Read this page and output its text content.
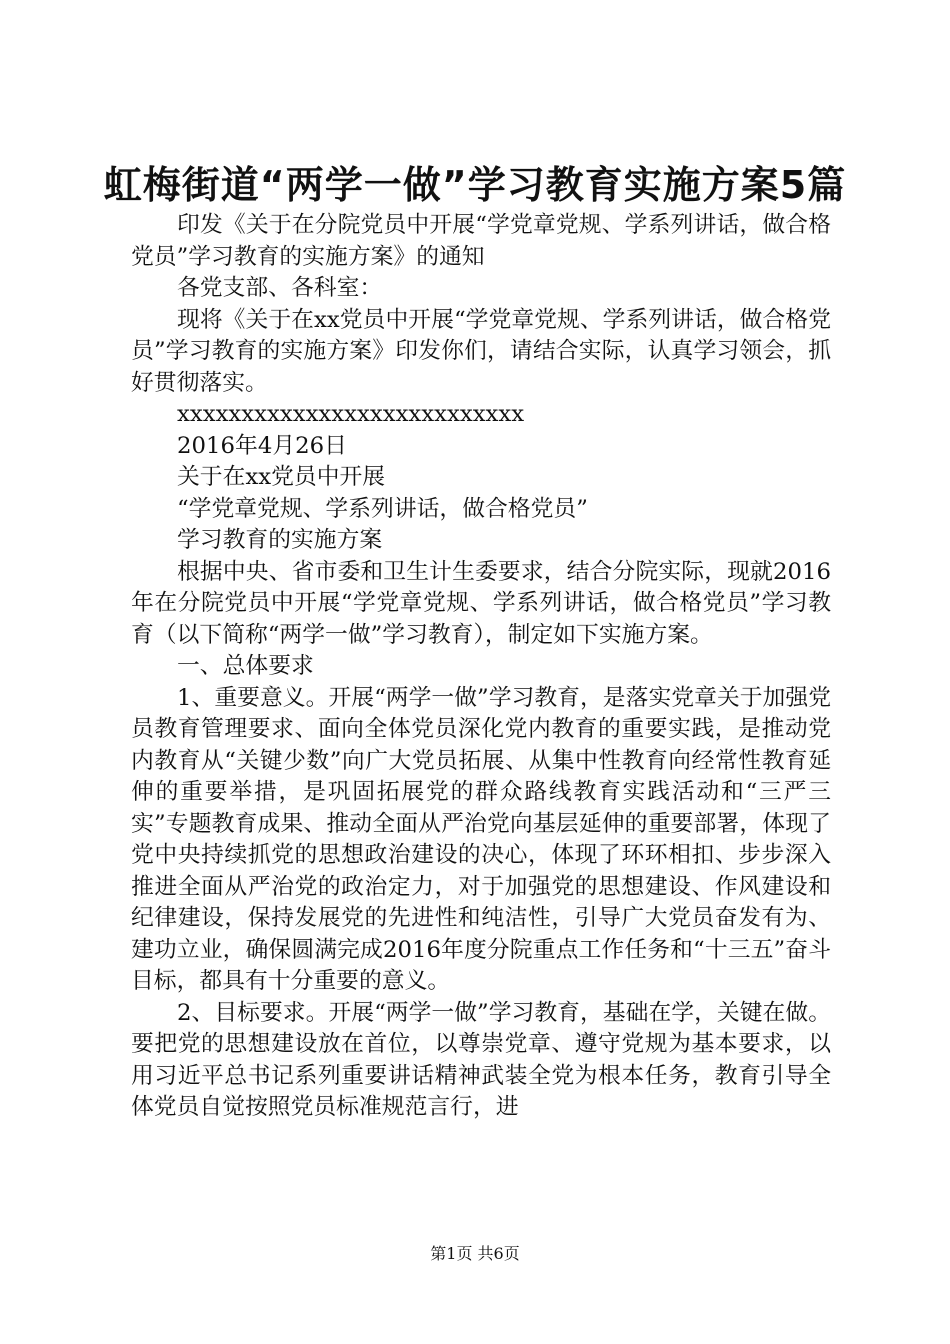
虹梅街道“两学一做”学习教育实施方案5篇

印发《关于在分院党员中开展“学党章党规、学系列讲话，做合格党员”学习教育的实施方案》的通知

各党支部、各科室：

现将《关于在xx党员中开展“学党章党规、学系列讲话，做合格党员”学习教育的实施方案》印发你们，请结合实际，认真学习领会，抓好贯彻落实。

xxxxxxxxxxxxxxxxxxxxxxxxxxx

2016年4月26日

关于在xx党员中开展

“学党章党规、学系列讲话，做合格党员”

学习教育的实施方案

根据中央、省市委和卫生计生委要求，结合分院实际，现就2016年在分院党员中开展“学党章党规、学系列讲话，做合格党员”学习教育（以下简称“两学一做”学习教育），制定如下实施方案。

一、总体要求

1、重要意义。开展“两学一做”学习教育，是落实党章关于加强党员教育管理要求、面向全体党员深化党内教育的重要实践，是推动党内教育从“关键少数”向广大党员拓展、从集中性教育向经常性教育延伸的重要举措，是巩固拓展党的群众路线教育实践活动和“三严三实”专题教育成果、推动全面从严治党向基层延伸的重要部署，体现了党中央持续抓党的思想政治建设的决心，体现了环环相扣、步步深入推进全面从严治党的政治定力，对于加强党的思想建设、作风建设和纪律建设，保持发展党的先进性和纯洁性，引导广大党员奋发有为、建功立业，确保圆满完成2016年度分院重点工作任务和“十三五”奋斗目标，都具有十分重要的意义。

2、目标要求。开展“两学一做”学习教育，基础在学，关键在做。要把党的思想建设放在首位，以尊崇党章、遵守党规为基本要求，以用习近平总书记系列重要讲话精神武装全党为根本任务，教育引导全体党员自觉按照党员标准规范言行，进

第1页 共6页
